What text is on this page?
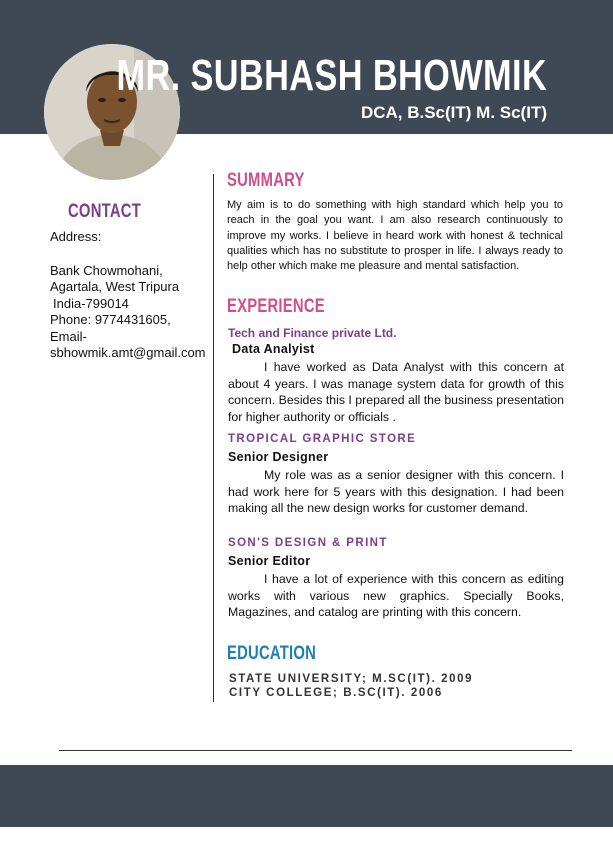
MR. SUBHASH BHOWMIK

DCA, B.Sc(IT) M. Sc(IT)

CONTACT
Address:
Bank Chowmohani,
Agartala, West Tripura
India-799014
Phone: 9774431605,
Email-
sbhowmik.amt@gmail.com
SUMMARY

My aim is to do something with high standard which help you to reach in the goal you want. I am also research continuously to improve my works. I believe in heard work with honest & technical qualities which has no substitute to prosper in life. I always ready to help other which make me pleasure and mental satisfaction.

EXPERIENCE

Tech and Finance private Ltd.

Data Analyist

I have worked as Data Analyst with this concern at about 4 years. I was manage system data for growth of this concern. Besides this I prepared all the business presentation for higher authority or officials .

TROPICAL GRAPHIC STORE

Senior Designer

My role was as a senior designer with this concern. I had work here for 5 years with this designation. I had been making all the new design works for customer demand.

SON'S DESIGN & PRINT

Senior Editor

I have a lot of experience with this concern as editing works with various new graphics. Specially Books, Magazines, and catalog are printing with this concern.

EDUCATION
STATE UNIVERSITY; M.SC(IT). 2009
CITY COLLEGE; B.SC(IT). 2006
